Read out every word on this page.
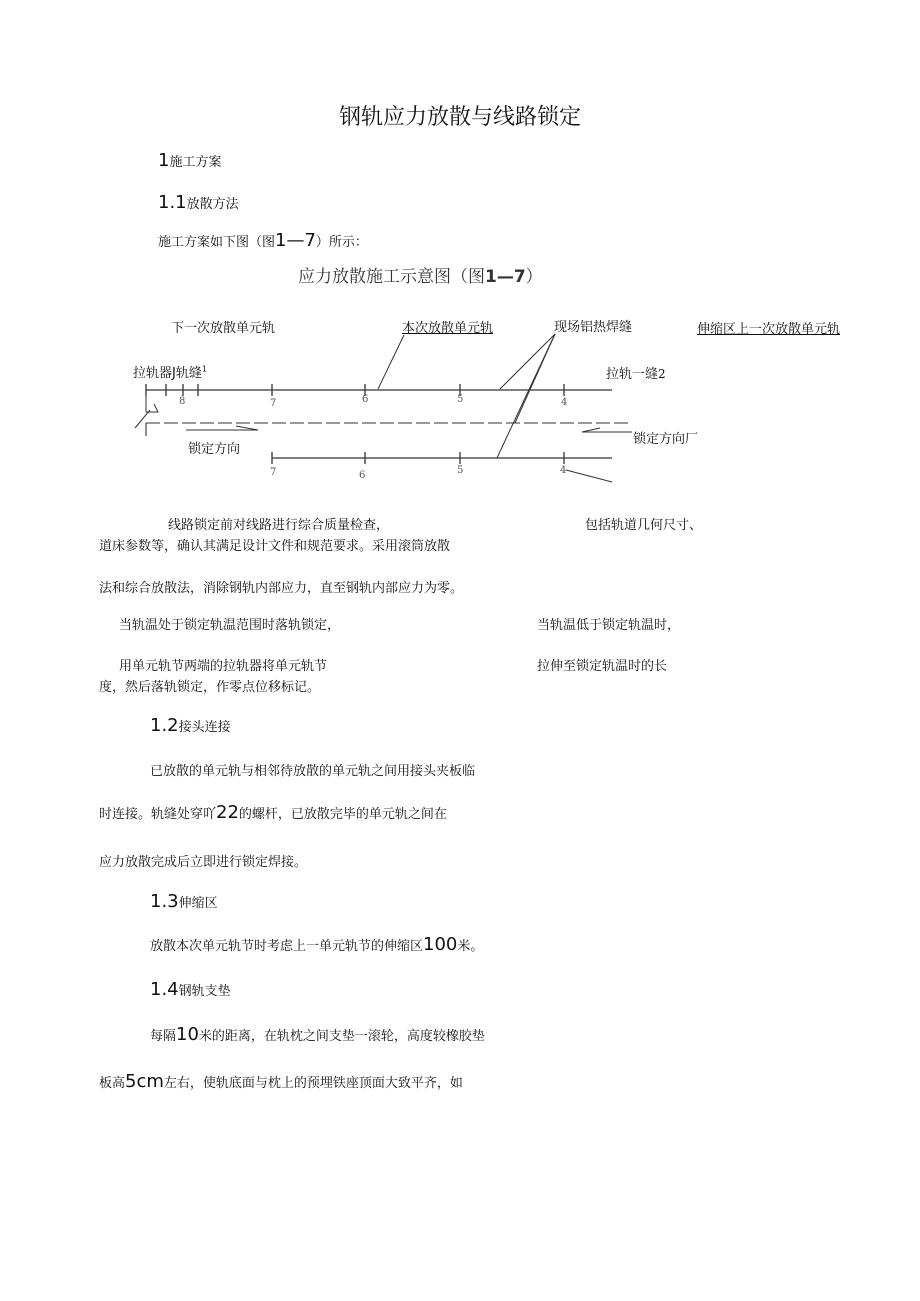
钢轨应力放散与线路锁定
1施工方案
1.1放散方法
施工方案如下图（图1—7）所示：
应力放散施工示意图（图1—7）
下一次放散单元轨	本次放散单元轨	现场铝热焊缝	伸缩区上一次放散单元轨
拉轨器J轨缝$^1$	拉轨一缝2
锁定方向
锁定方向厂
8	7	6	5	4
7	6	5	4
线路锁定前对线路进行综合质量检查，	包括轨道几何尺寸、
道床参数等，确认其满足设计文件和规范要求。采用滚筒放散
法和综合放散法，消除钢轨内部应力，直至钢轨内部应力为零。
当轨温处于锁定轨温范围时落轨锁定，	当轨温低于锁定轨温时，
用单元轨节两端的拉轨器将单元轨节	拉伸至锁定轨温时的长
度，然后落轨锁定，作零点位移标记。
1.2接头连接
已放散的单元轨与相邻待放散的单元轨之间用接头夹板临
时连接。轨缝处穿吖22的螺杆，已放散完毕的单元轨之间在
应力放散完成后立即进行锁定焊接。
1.3伸缩区
放散本次单元轨节时考虑上一单元轨节的伸缩区100米。
1.4钢轨支垫
每隔10米的距离，在轨枕之间支垫一滚轮，高度较橡胶垫
板高5cm左右，使轨底面与枕上的预埋铁座顶面大致平齐，如
